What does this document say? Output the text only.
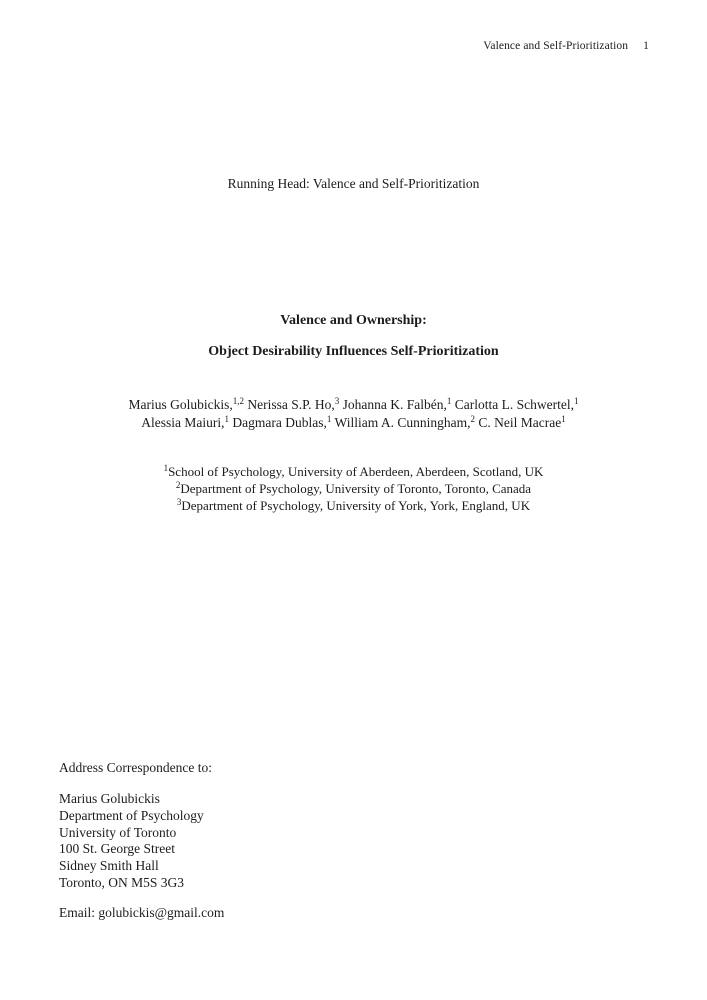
Valence and Self-Prioritization 1
Running Head: Valence and Self-Prioritization
Valence and Ownership:
Object Desirability Influences Self-Prioritization
Marius Golubickis,$^{1,2}$ Nerissa S.P. Ho,$^3$ Johanna K. Falbén,$^1$ Carlotta L. Schwertel,$^1$
Alessia Maiuri,$^1$ Dagmara Dublas,$^1$ William A. Cunningham,$^2$ C. Neil Macrae$^1$
$^1$School of Psychology, University of Aberdeen, Aberdeen, Scotland, UK
$^2$Department of Psychology, University of Toronto, Toronto, Canada
$^3$Department of Psychology, University of York, York, England, UK
Address Correspondence to:
Marius Golubickis
Department of Psychology
University of Toronto
100 St. George Street
Sidney Smith Hall
Toronto, ON M5S 3G3
Email: golubickis@gmail.com
